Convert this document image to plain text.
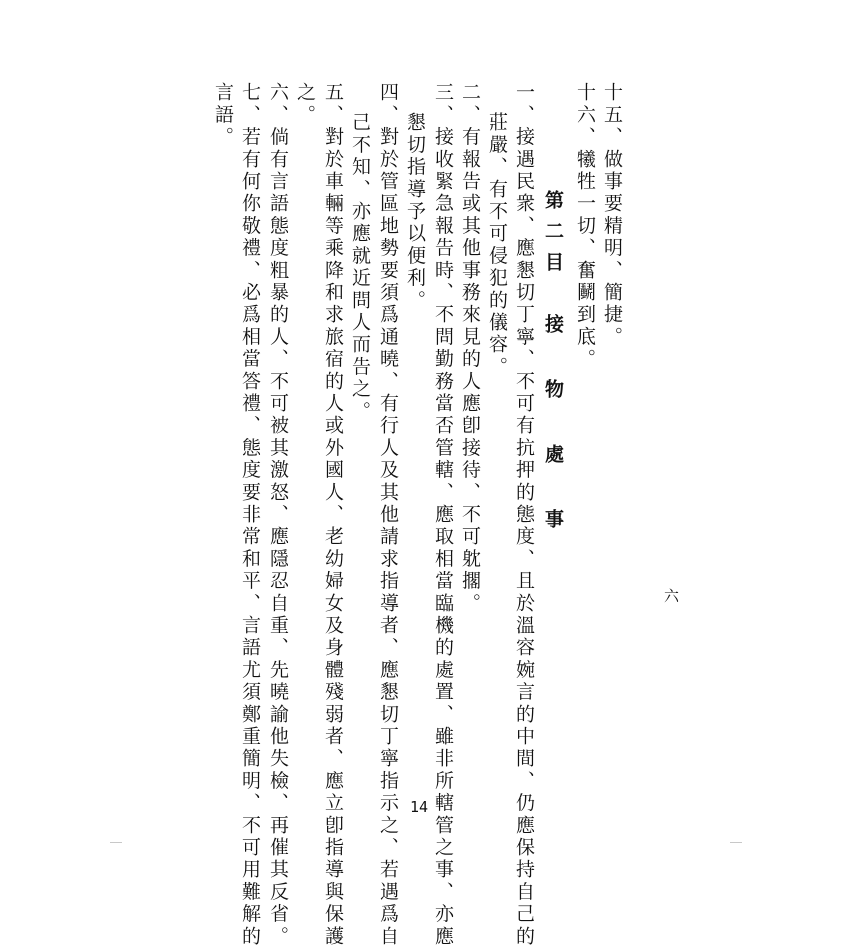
十五、做事要精明、簡捷。
十六、犧牲一切、奮鬭到底。
第二目　接 物 處 事
一、接遇民衆、應懇切丁寧、不可有抗押的態度、且於溫容婉言的中間、仍應保持自己的
莊嚴、有不可侵犯的儀容。
二、有報告或其他事務來見的人應卽接待、不可躭擱。
三、接收緊急報告時、不問勤務當否管轄、應取相當臨機的處置、雖非所轄管之事、亦應
懇切指導予以便利。
四、對於管區地勢要須爲通曉、有行人及其他請求指導者、應懇切丁寧指示之、若遇爲自
己不知、亦應就近問人而告之。
五、對於車輛等乘降和求旅宿的人或外國人、老幼婦女及身體殘弱者、應立卽指導與保護
之。
六、倘有言語態度粗暴的人、不可被其激怒、應隱忍自重、先曉諭他失檢、再催其反省。
七、若有何你敬禮、必爲相當答禮、態度要非常和平、言語尤須鄭重簡明、不可用難解的
言語。
六
14
